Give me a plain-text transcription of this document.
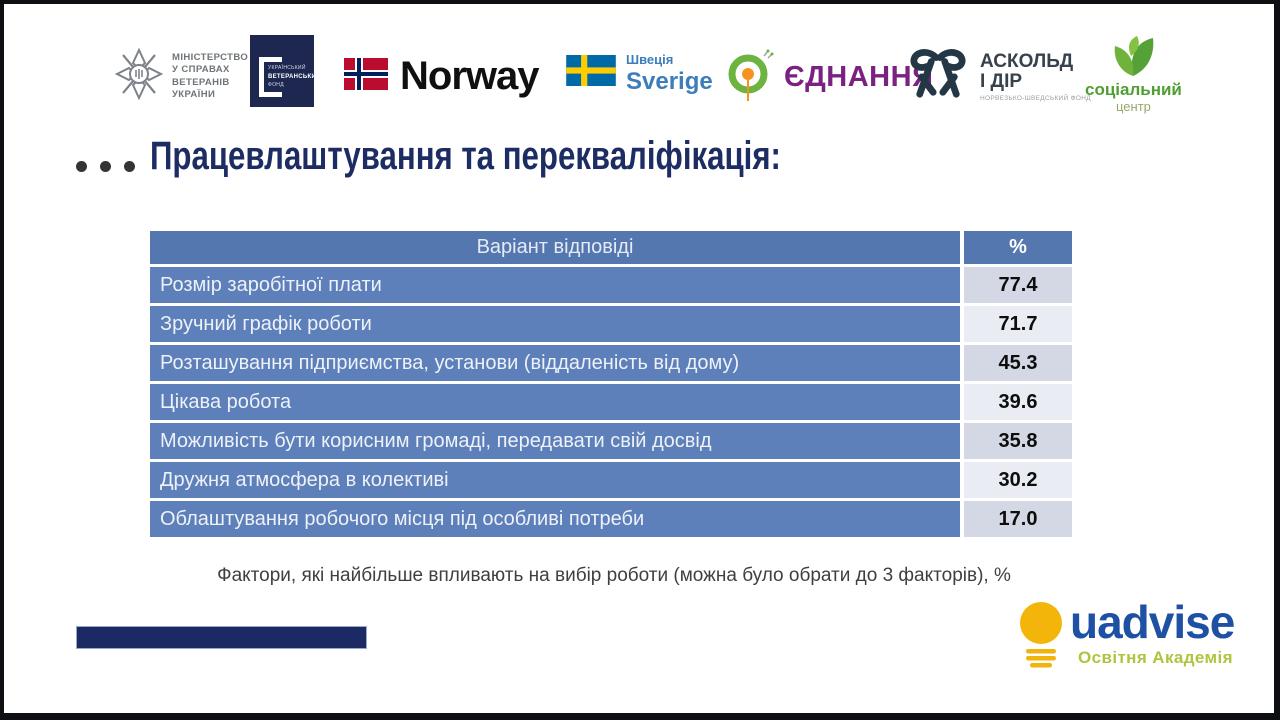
МІНІСТЕРСТВО
У СПРАВАХ
ВЕТЕРАНІВ
УКРАЇНИ
УКРАЇНСЬКИЙ
ВЕТЕРАНСЬКИЙ
ФОНД	Norway	Швеція
Sverige ЄДНАННЯ АСКОЛЬД
І ДІР
НОРВЕЗЬКО-ШВЕДСЬКИЙ ФОНД
соціальний
центр
Працевлаштування та перекваліфікація:
Варіант відповіді	%
Розмір заробітної плати	77.4
Зручний графік роботи	71.7
Розташування підприємства, установи (віддаленість від дому)	45.3
Цікава робота	39.6
Можливість бути корисним громаді, передавати свій досвід	35.8
Дружня атмосфера в колективі	30.2
Облаштування робочого місця під особливі потреби	17.0
Фактори, які найбільше впливають на вибір роботи (можна було обрати до 3 факторів), %
uadvise
Освітня Академія
